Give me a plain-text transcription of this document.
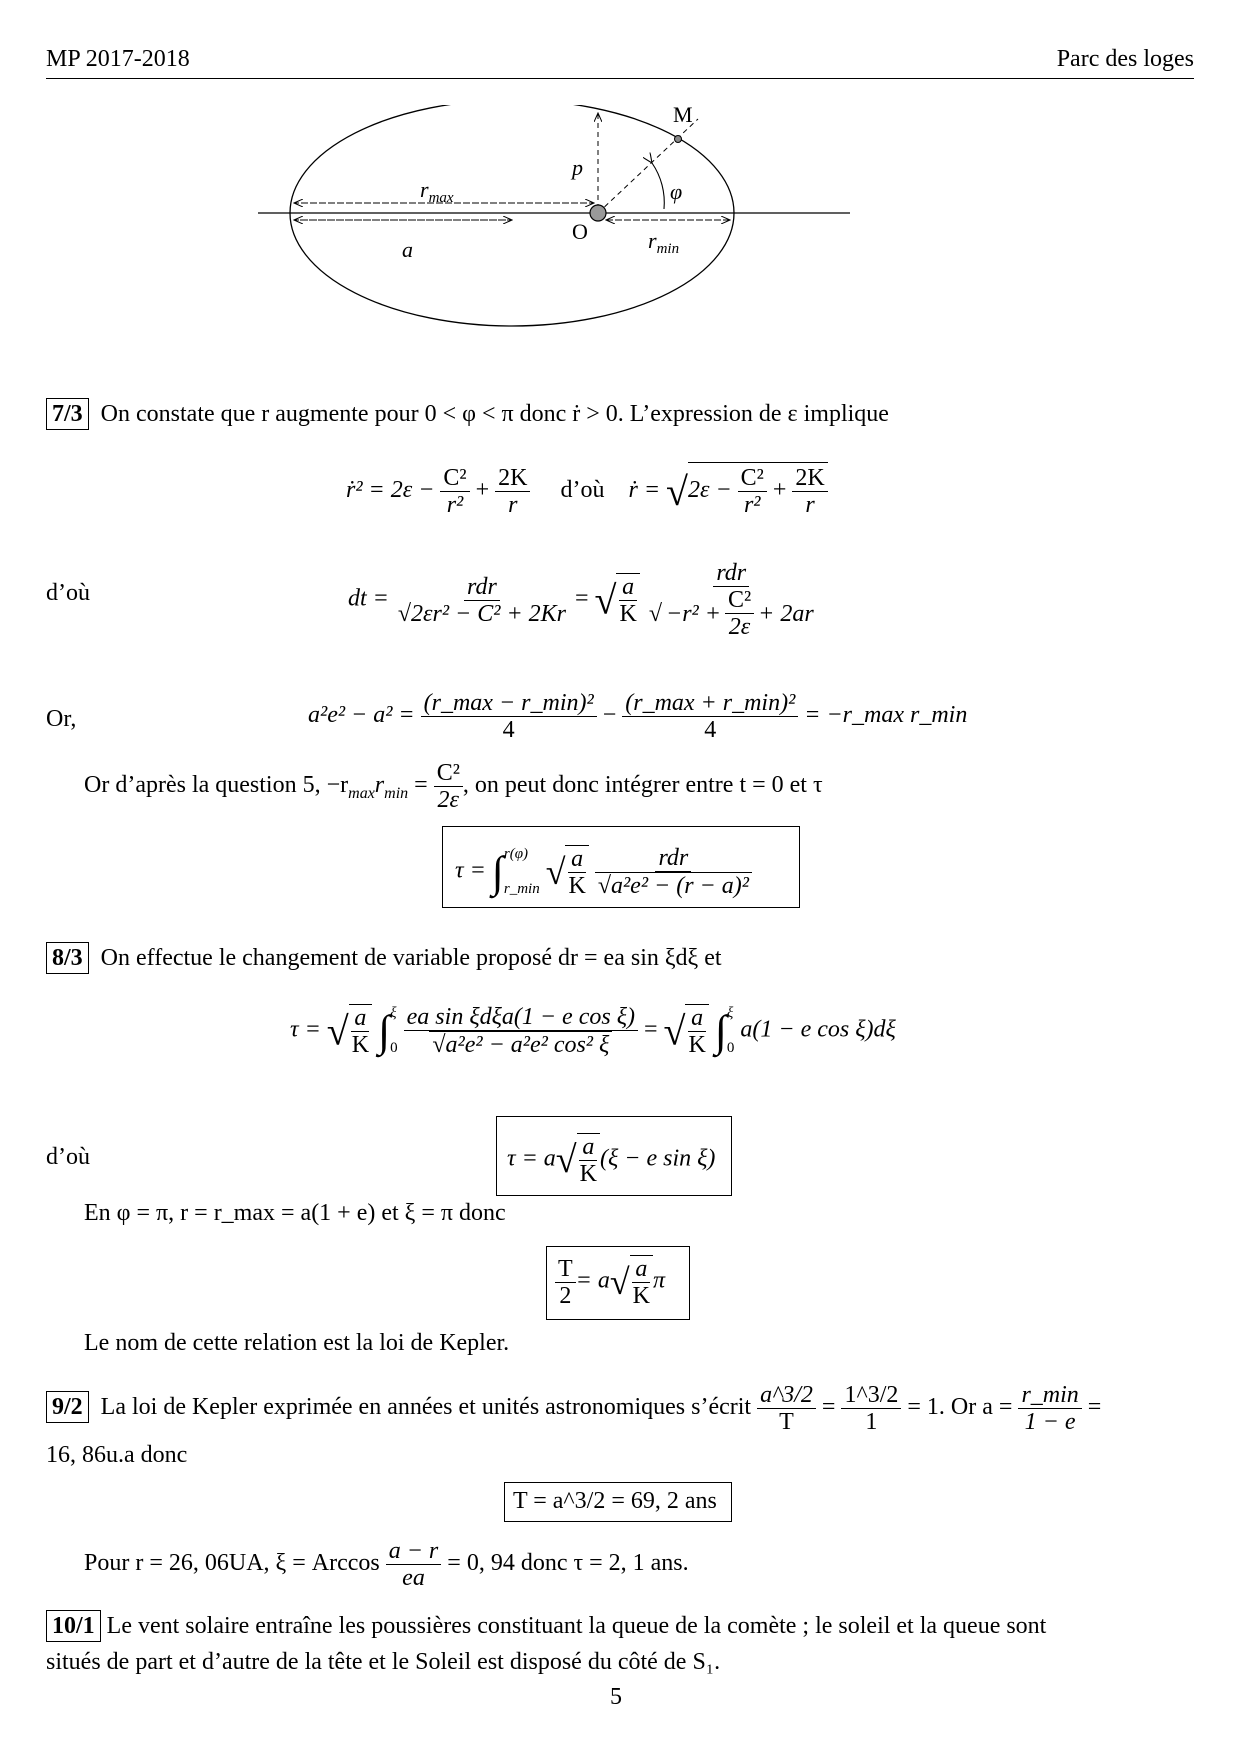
MP 2017-2018	Parc des loges
M
p
$r_{max}$	φ
O	$r_{min}$
a
7/3 On constate que r augmente pour 0 < φ < π donc ṙ > 0. L’expression de ε implique
ṙ² = $2\varepsilon - \frac{\text{C²}}{\text{r²}} + \frac{2K}{r}$ d’où ṙ = $√2\varepsilon - \frac{\text{C²}}{\text{r²}} + \frac{2K}{r}$
d’où	dt = $\frac{\text{rdr}}{\text{√2εr² − C² + 2Kr}}$ = √ $\frac{a}{K}$
$\frac{\text{rdr}}{√ -r^2 + \frac{\text{C²}}{2\varepsilon} + 2ar}$
Or,	$a^2e^2 - a^2 = \frac{\text{(r\_max − r\_min)²}}{4} - \frac{\text{(r\_max + r\_min)²}}{4}$ = −r_max r_min
Or d’après la question 5, $-r_{max}r_{min} = \frac{\text{C²}}{2\varepsilon}$ , on peut donc intégrer entre t = 0 et τ
τ = ∫ r(φ)
r_min √ $\frac{a}{K}$
$\frac{\text{rdr}}{\text{√a²e² − (r − a)²}}$
8/3 On effectue le changement de variable proposé dr = ea sin ξdξ et
τ = √ $\frac{a}{K}$ ∫ ξ
0
$\frac{\text{ea sin ξdξa(1 − e cos ξ)}}{\text{√a²e² − a²e² cos² ξ}}$ = √ $\frac{a}{K}$ ∫ ξ
0
a(1 − e cos ξ)dξ
d’où	$\tau = a√ \frac{a}{K} (\xi - e$ sin ξ)
En φ = π, r = r_max = a(1 + e) et ξ = π donc
$\frac{T}{2} = a√ \frac{a}{K}$ π
Le nom de cette relation est la loi de Kepler.
9/2 La loi de Kepler exprimée en années et unités astronomiques s’écrit $\frac{a\^{}3/2}{T} = \frac{1\^{}3/2}{1} = 1$. Or $a = \frac{r\_\min}{1 - e}$ =
16, 86u.a donc
T = a^3/2 = 69, 2 ans
Pour r = 26, 06UA, ξ = Arccos $\frac{a - r}{ea} = 0$, 94 donc τ = 2, 1 ans.
10/1 Le vent solaire entraîne les poussières constituant la queue de la comète ; le soleil et la queue sont
situés de part et d’autre de la tête et le Soleil est disposé du côté de S₁.
5
